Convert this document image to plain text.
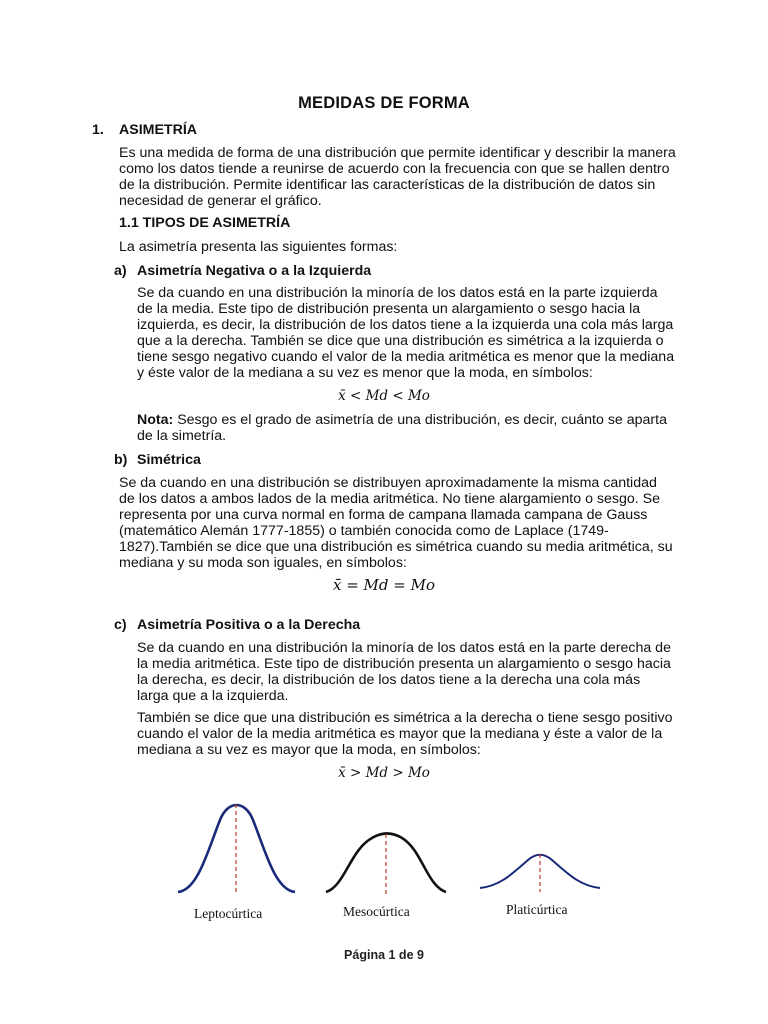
MEDIDAS DE FORMA
1. ASIMETRÍA
Es una medida de forma de una distribución que permite identificar y describir la manera
como los datos tiende a reunirse de acuerdo con la frecuencia con que se hallen dentro
de la distribución. Permite identificar las características de la distribución de datos sin
necesidad de generar el gráfico.
1.1 TIPOS DE ASIMETRÍA
La asimetría presenta las siguientes formas:
a) Asimetría Negativa o a la Izquierda
Se da cuando en una distribución la minoría de los datos está en la parte izquierda
de la media. Este tipo de distribución presenta un alargamiento o sesgo hacia la
izquierda, es decir, la distribución de los datos tiene a la izquierda una cola más larga
que a la derecha. También se dice que una distribución es simétrica a la izquierda o
tiene sesgo negativo cuando el valor de la media aritmética es menor que la mediana
y éste valor de la mediana a su vez es menor que la moda, en símbolos:
x̄ < Md < Mo
Nota: Sesgo es el grado de asimetría de una distribución, es decir, cuánto se aparta
de la simetría.
b) Simétrica
Se da cuando en una distribución se distribuyen aproximadamente la misma cantidad
de los datos a ambos lados de la media aritmética. No tiene alargamiento o sesgo. Se
representa por una curva normal en forma de campana llamada campana de Gauss
(matemático Alemán 1777-1855) o también conocida como de Laplace (1749-
1827).También se dice que una distribución es simétrica cuando su media aritmética, su
mediana y su moda son iguales, en símbolos:
x̄ = Md = Mo
c) Asimetría Positiva o a la Derecha
Se da cuando en una distribución la minoría de los datos está en la parte derecha de
la media aritmética. Este tipo de distribución presenta un alargamiento o sesgo hacia
la derecha, es decir, la distribución de los datos tiene a la derecha una cola más
larga que a la izquierda.
También se dice que una distribución es simétrica a la derecha o tiene sesgo positivo
cuando el valor de la media aritmética es mayor que la mediana y éste a valor de la
mediana a su vez es mayor que la moda, en símbolos:
x̄ > Md > Mo
Leptocúrtica	Mesocúrtica	Platicúrtica
Página 1 de 9
